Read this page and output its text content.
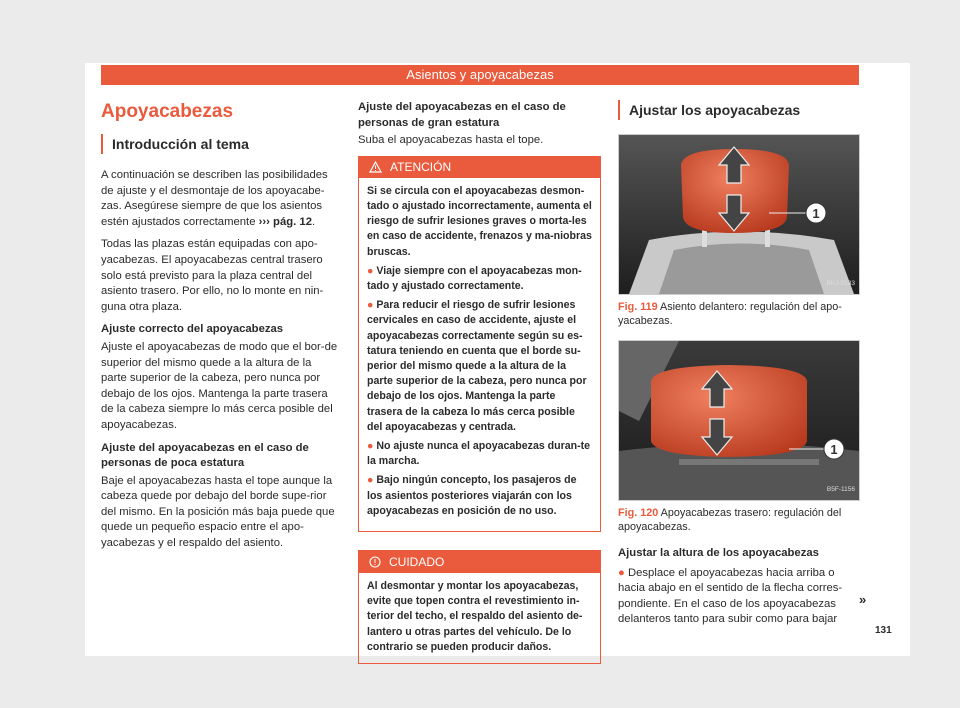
Asientos y apoyacabezas
Apoyacabezas
Introducción al tema

A continuación se describen las posibilidades de ajuste y el desmontaje de los apoyacabe-zas. Asegúrese siempre de que los asientos estén ajustados correctamente ››› pág. 12.

Todas las plazas están equipadas con apo-yacabezas. El apoyacabezas central trasero solo está previsto para la plaza central del asiento trasero. Por ello, no lo monte en nin-guna otra plaza.

Ajuste correcto del apoyacabezas

Ajuste el apoyacabezas de modo que el bor-de superior del mismo quede a la altura de la parte superior de la cabeza, pero nunca por debajo de los ojos. Mantenga la parte trasera de la cabeza siempre lo más cerca posible del apoyacabezas.

Ajuste del apoyacabezas en el caso de personas de poca estatura

Baje el apoyacabezas hasta el tope aunque la cabeza quede por debajo del borde supe-rior del mismo. En la posición más baja puede que quede un pequeño espacio entre el apo-yacabezas y el respaldo del asiento.

Ajuste del apoyacabezas en el caso de personas de gran estatura

Suba el apoyacabezas hasta el tope.

ATENCIÓN

Si se circula con el apoyacabezas desmon-tado o ajustado incorrectamente, aumenta el riesgo de sufrir lesiones graves o morta-les en caso de accidente, frenazos y ma-niobras bruscas.

● Viaje siempre con el apoyacabezas mon-tado y ajustado correctamente.

● Para reducir el riesgo de sufrir lesiones cervicales en caso de accidente, ajuste el apoyacabezas correctamente según su es-tatura teniendo en cuenta que el borde su-perior del mismo quede a la altura de la parte superior de la cabeza, pero nunca por debajo de los ojos. Mantenga la parte trasera de la cabeza lo más cerca posible del apoyacabezas y centrada.

● No ajuste nunca el apoyacabezas duran-te la marcha.

● Bajo ningún concepto, los pasajeros de los asientos posteriores viajarán con los apoyacabezas en posición de no uso.

CUIDADO
Al desmontar y montar los apoyacabezas, evite que topen contra el revestimiento in-terior del techo, el respaldo del asiento de-lantero u otras partes del vehículo. De lo contrario se pueden producir daños.
Ajustar los apoyacabezas
1
BKJ-0183
Fig. 119 Asiento delantero: regulación del apo-yacabezas.
1
B5F-1156
Fig. 120 Apoyacabezas trasero: regulación del apoyacabezas.
Ajustar la altura de los apoyacabezas

● Desplace el apoyacabezas hacia arriba o hacia abajo en el sentido de la flecha corres-pondiente. En el caso de los apoyacabezas delanteros tanto para subir como para bajar

»
131
